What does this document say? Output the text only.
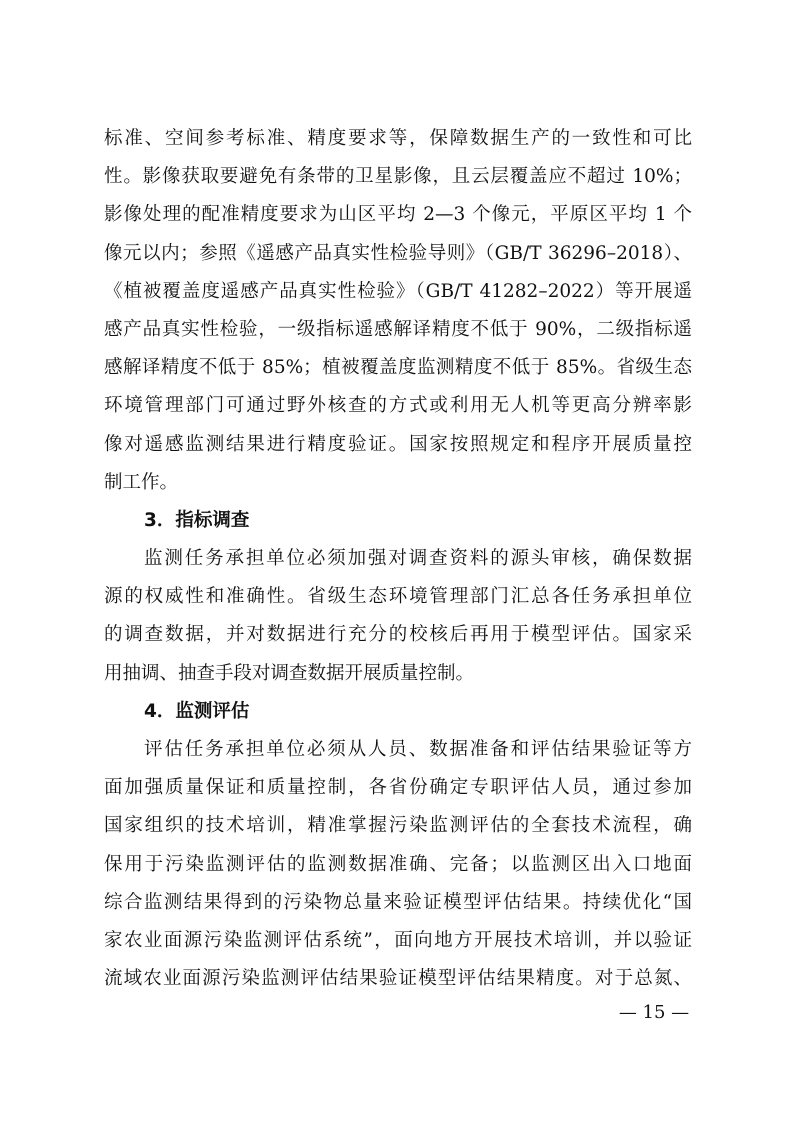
标准、空间参考标准、精度要求等，保障数据生产的一致性和可比
性。影像获取要避免有条带的卫星影像，且云层覆盖应不超过 10%；
影像处理的配准精度要求为山区平均 2—3 个像元，平原区平均 1 个
像元以内；参照《遥感产品真实性检验导则》（GB/T 36296–2018）、
《植被覆盖度遥感产品真实性检验》（GB/T 41282–2022）等开展遥
感产品真实性检验，一级指标遥感解译精度不低于 90%，二级指标遥
感解译精度不低于 85%；植被覆盖度监测精度不低于 85%。省级生态
环境管理部门可通过野外核查的方式或利用无人机等更高分辨率影
像对遥感监测结果进行精度验证。国家按照规定和程序开展质量控
制工作。
3．指标调查
监测任务承担单位必须加强对调查资料的源头审核，确保数据
源的权威性和准确性。省级生态环境管理部门汇总各任务承担单位
的调查数据，并对数据进行充分的校核后再用于模型评估。国家采
用抽调、抽查手段对调查数据开展质量控制。
4．监测评估
评估任务承担单位必须从人员、数据准备和评估结果验证等方
面加强质量保证和质量控制，各省份确定专职评估人员，通过参加
国家组织的技术培训，精准掌握污染监测评估的全套技术流程，确
保用于污染监测评估的监测数据准确、完备；以监测区出入口地面
综合监测结果得到的污染物总量来验证模型评估结果。持续优化“国
家农业面源污染监测评估系统”，面向地方开展技术培训，并以验证
流域农业面源污染监测评估结果验证模型评估结果精度。对于总氮、
— 15 —
